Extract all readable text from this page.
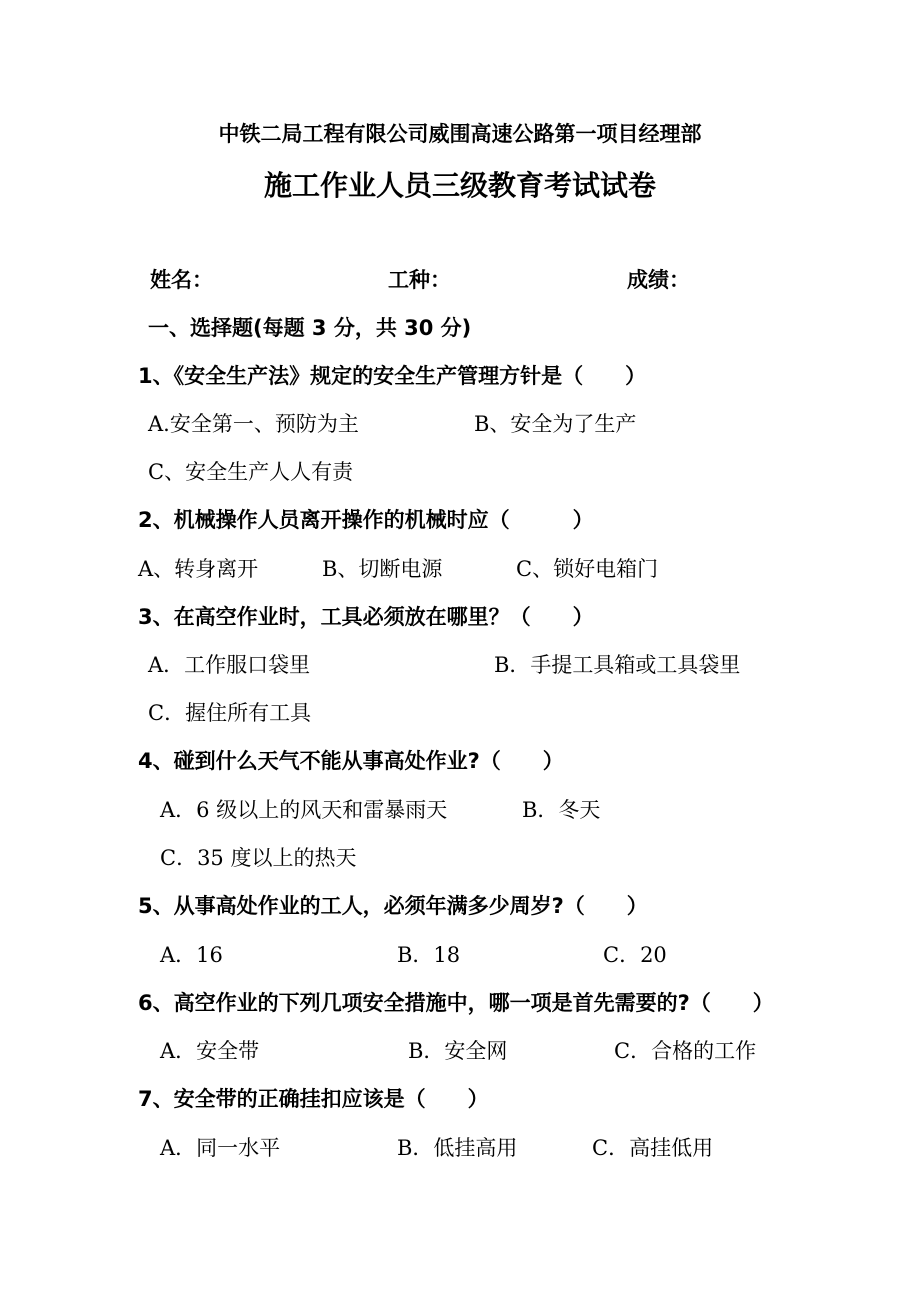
中铁二局工程有限公司威围高速公路第一项目经理部
施工作业人员三级教育考试试卷
姓名：	工种：	成绩：
一、选择题(每题 3 分，共 30 分)
1、《安全生产法》规定的安全生产管理方针是（　　）
A.安全第一、预防为主	B、安全为了生产
C、安全生产人人有责
2、机械操作人员离开操作的机械时应（　　　）
A、转身离开	B、切断电源	C、锁好电箱门
3、在高空作业时，工具必须放在哪里？（　　）
A．工作服口袋里	B．手提工具箱或工具袋里
C．握住所有工具
4、碰到什么天气不能从事高处作业?（　　）
A．6 级以上的风天和雷暴雨天	B．冬天
C．35 度以上的热天
5、从事高处作业的工人，必须年满多少周岁?（　　）
A．16	B．18	C．20
6、高空作业的下列几项安全措施中，哪一项是首先需要的?（　　）
A．安全带	B．安全网	C．合格的工作
7、安全带的正确挂扣应该是（　　）
A．同一水平	B．低挂高用	C．高挂低用
